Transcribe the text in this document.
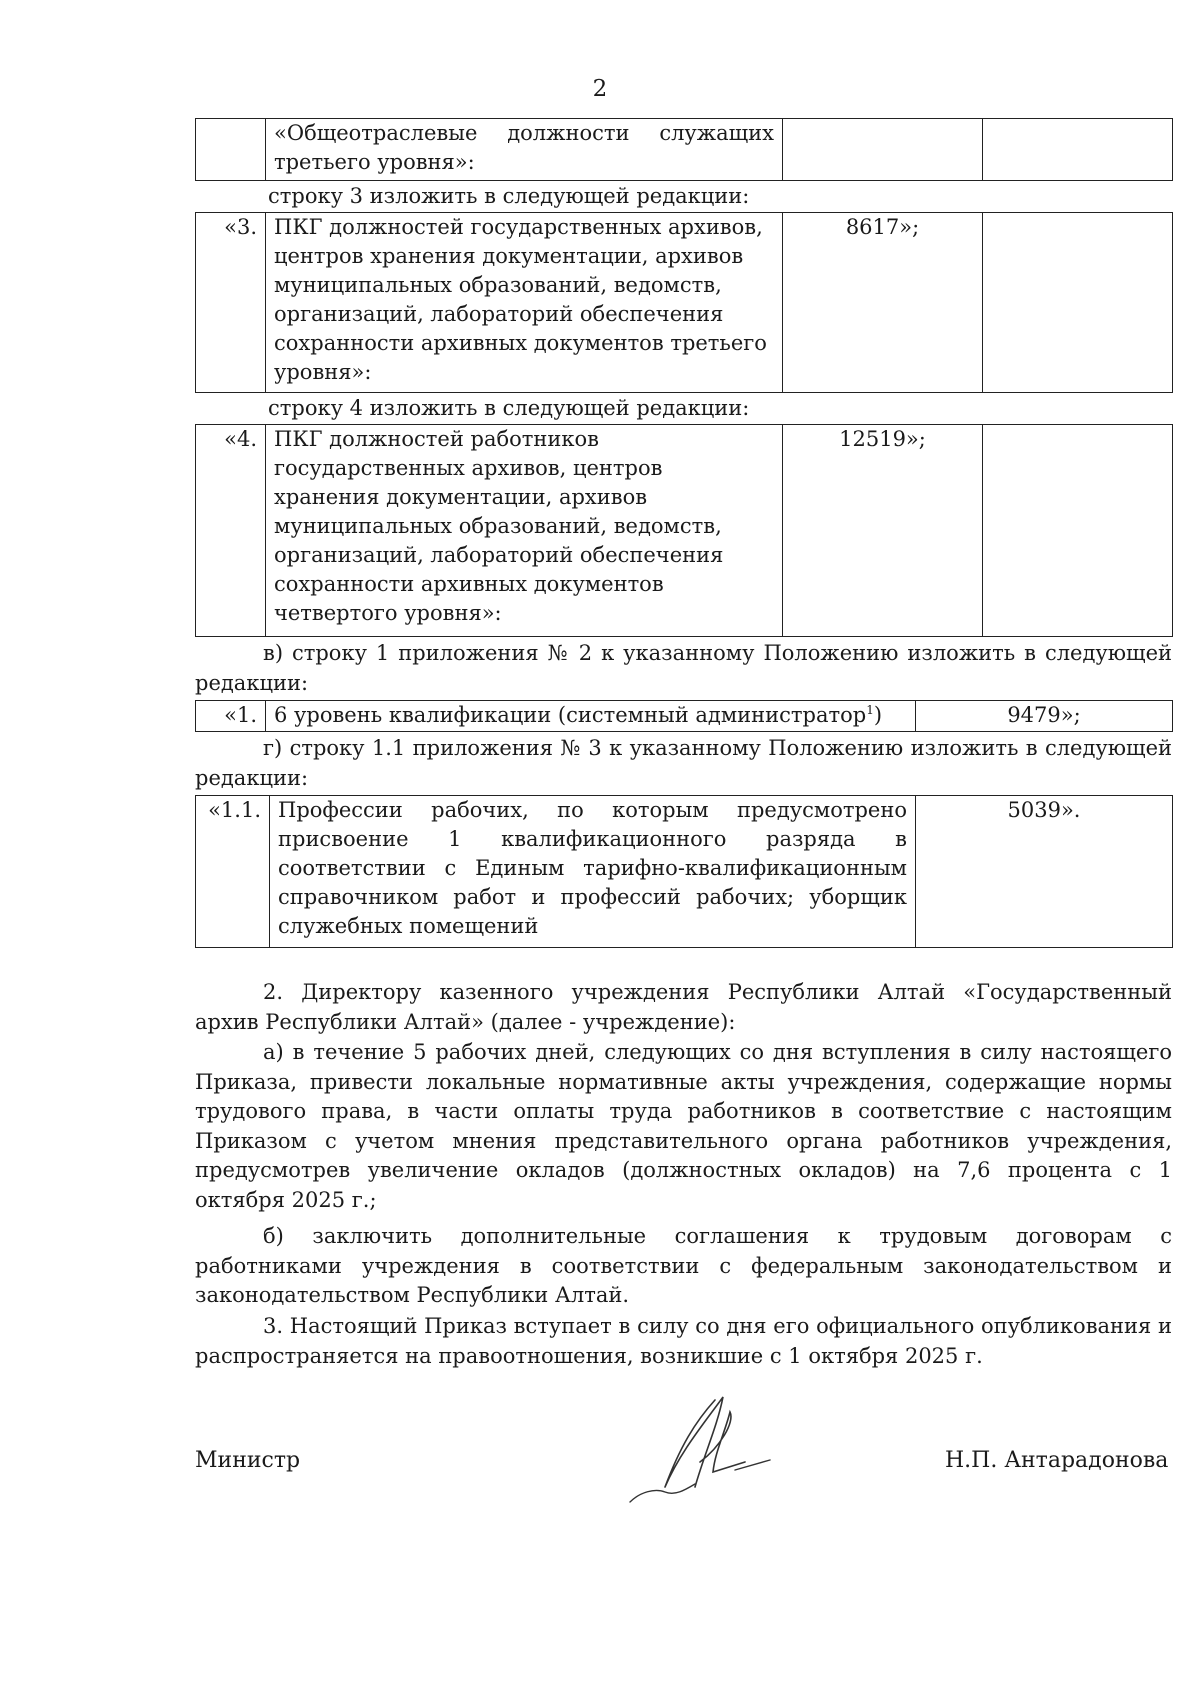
2
	«Общеотраслевые должности служащих третьего уровня»:		
строку 3 изложить в следующей редакции:
«3.	ПКГ должностей государственных архивов, центров хранения документации, архивов муниципальных образований, ведомств, организаций, лабораторий обеспечения сохранности архивных документов третьего уровня»:	8617»;	
строку 4 изложить в следующей редакции:
«4.	ПКГ должностей работников государственных архивов, центров хранения документации, архивов муниципальных образований, ведомств, организаций, лабораторий обеспечения сохранности архивных документов четвертого уровня»:	12519»;	
в) строку 1 приложения № 2 к указанному Положению изложить в следующей редакции:
«1.	6 уровень квалификации (системный администратор$^1$)	9479»;
г) строку 1.1 приложения № 3 к указанному Положению изложить в следующей редакции:
«1.1.	Профессии рабочих, по которым предусмотрено присвоение 1 квалификационного разряда в соответствии с Единым тарифно-квалификационным справочником работ и профессий рабочих; уборщик служебных помещений	5039».
2. Директору казенного учреждения Республики Алтай «Государственный архив Республики Алтай» (далее - учреждение):
а) в течение 5 рабочих дней, следующих со дня вступления в силу настоящего Приказа, привести локальные нормативные акты учреждения, содержащие нормы трудового права, в части оплаты труда работников в соответствие с настоящим Приказом с учетом мнения представительного органа работников учреждения, предусмотрев увеличение окладов (должностных окладов) на 7,6 процента с 1 октября 2025 г.;
б) заключить дополнительные соглашения к трудовым договорам с работниками учреждения в соответствии с федеральным законодательством и законодательством Республики Алтай.
3. Настоящий Приказ вступает в силу со дня его официального опубликования и распространяется на правоотношения, возникшие с 1 октября 2025 г.
Министр	Н.П. Антарадонова
